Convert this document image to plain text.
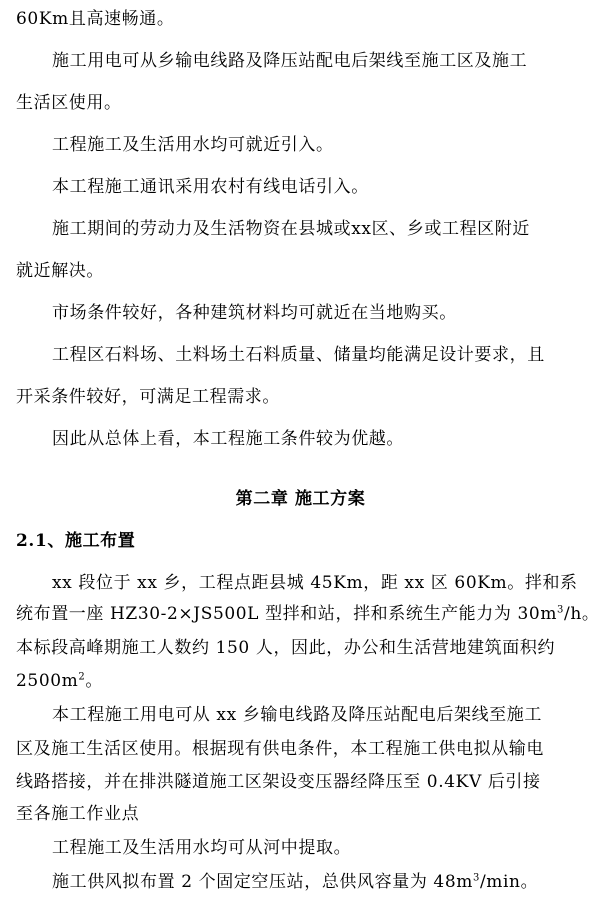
60Km且高速畅通。
施工用电可从乡输电线路及降压站配电后架线至施工区及施工
生活区使用。
工程施工及生活用水均可就近引入。
本工程施工通讯采用农村有线电话引入。
施工期间的劳动力及生活物资在县城或xx区、乡或工程区附近
就近解决。
市场条件较好，各种建筑材料均可就近在当地购买。
工程区石料场、土料场土石料质量、储量均能满足设计要求，且
开采条件较好，可满足工程需求。
因此从总体上看，本工程施工条件较为优越。
第二章 施工方案
2.1、施工布置
xx 段位于 xx 乡，工程点距县城 45Km，距 xx 区 60Km。拌和系
统布置一座 HZ30-2×JS500L 型拌和站，拌和系统生产能力为 $30m^3/h$。
本标段高峰期施工人数约 150 人，因此，办公和生活营地建筑面积约
$2500m^2$。
本工程施工用电可从 xx 乡输电线路及降压站配电后架线至施工
区及施工生活区使用。根据现有供电条件，本工程施工供电拟从输电
线路搭接，并在排洪隧道施工区架设变压器经降压至 0.4KV 后引接
至各施工作业点
工程施工及生活用水均可从河中提取。
施工供风拟布置 2 个固定空压站，总供风容量为 $48m^3/\min$。
